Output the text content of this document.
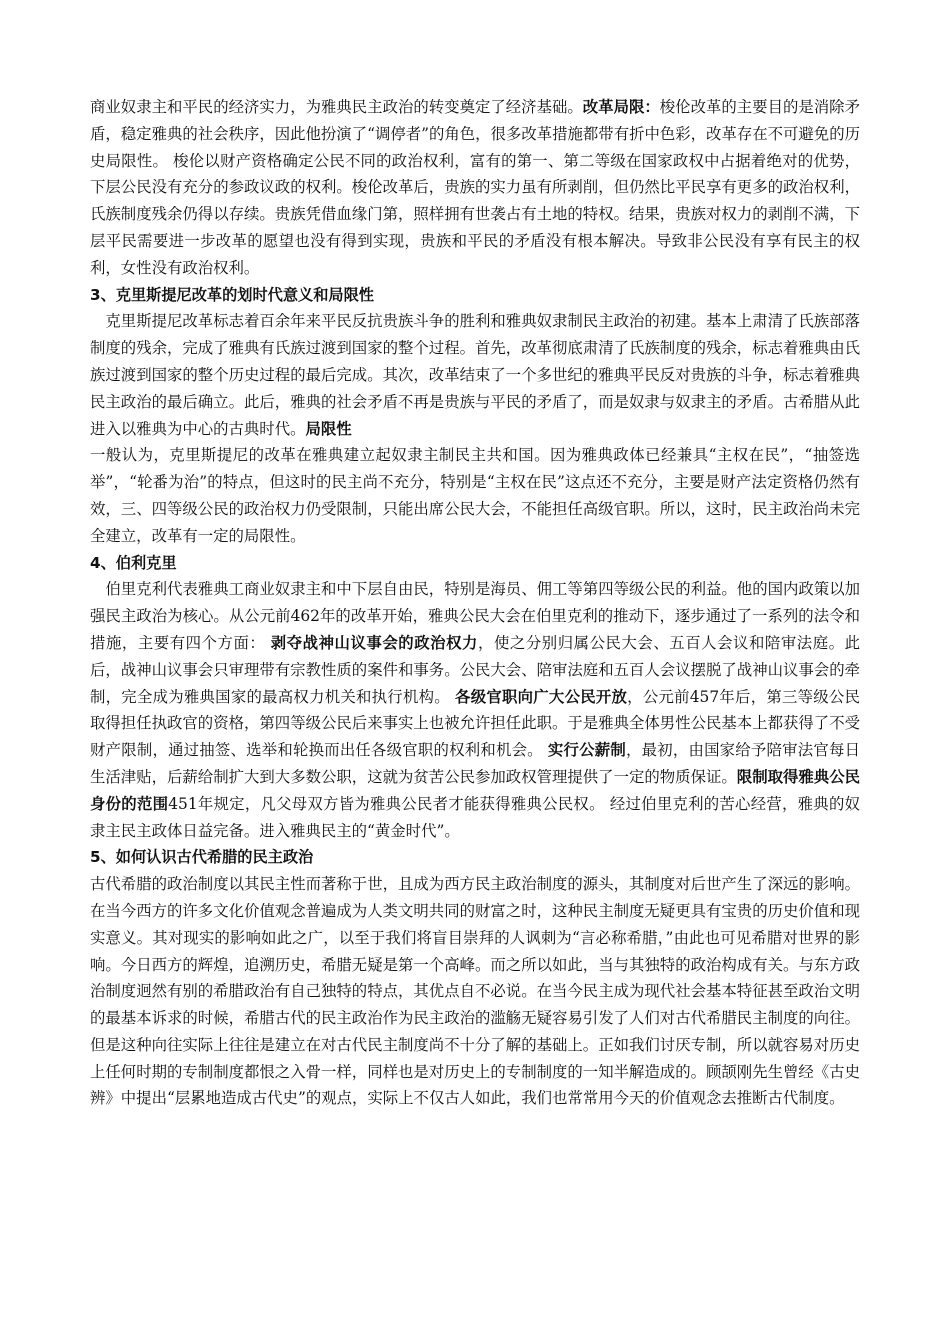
商业奴隶主和平民的经济实力，为雅典民主政治的转变奠定了经济基础。改革局限：梭伦改革的主要目的是消除矛盾，稳定雅典的社会秩序，因此他扮演了“调停者”的角色，很多改革措施都带有折中色彩，改革存在不可避免的历史局限性。 梭伦以财产资格确定公民不同的政治权利，富有的第一、第二等级在国家政权中占据着绝对的优势，下层公民没有充分的参政议政的权利。梭伦改革后，贵族的实力虽有所剥削，但仍然比平民享有更多的政治权利，氏族制度残余仍得以存续。贵族凭借血缘门第，照样拥有世袭占有土地的特权。结果，贵族对权力的剥削不满，下层平民需要进一步改革的愿望也没有得到实现，贵族和平民的矛盾没有根本解决。导致非公民没有享有民主的权利，女性没有政治权利。

3、克里斯提尼改革的划时代意义和局限性

克里斯提尼改革标志着百余年来平民反抗贵族斗争的胜利和雅典奴隶制民主政治的初建。基本上肃清了氏族部落制度的残余，完成了雅典有氏族过渡到国家的整个过程。首先，改革彻底肃清了氏族制度的残余，标志着雅典由氏族过渡到国家的整个历史过程的最后完成。其次，改革结束了一个多世纪的雅典平民反对贵族的斗争，标志着雅典民主政治的最后确立。此后，雅典的社会矛盾不再是贵族与平民的矛盾了，而是奴隶与奴隶主的矛盾。古希腊从此进入以雅典为中心的古典时代。局限性

一般认为，克里斯提尼的改革在雅典建立起奴隶主制民主共和国。因为雅典政体已经兼具“主权在民”，“抽签选举”，“轮番为治”的特点，但这时的民主尚不充分，特别是“主权在民”这点还不充分，主要是财产法定资格仍然有效，三、四等级公民的政治权力仍受限制，只能出席公民大会，不能担任高级官职。所以，这时，民主政治尚未完全建立，改革有一定的局限性。

4、伯利克里

伯里克利代表雅典工商业奴隶主和中下层自由民，特别是海员、佣工等第四等级公民的利益。他的国内政策以加强民主政治为核心。从公元前462年的改革开始，雅典公民大会在伯里克利的推动下，逐步通过了一系列的法令和措施，主要有四个方面： 剥夺战神山议事会的政治权力，使之分别归属公民大会、五百人会议和陪审法庭。此后，战神山议事会只审理带有宗教性质的案件和事务。公民大会、陪审法庭和五百人会议摆脱了战神山议事会的牵制，完全成为雅典国家的最高权力机关和执行机构。 各级官职向广大公民开放，公元前457年后，第三等级公民取得担任执政官的资格，第四等级公民后来事实上也被允许担任此职。于是雅典全体男性公民基本上都获得了不受财产限制，通过抽签、选举和轮换而出任各级官职的权利和机会。 实行公薪制，最初，由国家给予陪审法官每日生活津贴，后薪给制扩大到大多数公职，这就为贫苦公民参加政权管理提供了一定的物质保证。限制取得雅典公民身份的范围451年规定，凡父母双方皆为雅典公民者才能获得雅典公民权。 经过伯里克利的苦心经营，雅典的奴隶主民主政体日益完备。进入雅典民主的“黄金时代”。

5、如何认识古代希腊的民主政治

古代希腊的政治制度以其民主性而著称于世，且成为西方民主政治制度的源头，其制度对后世产生了深远的影响。在当今西方的许多文化价值观念普遍成为人类文明共同的财富之时，这种民主制度无疑更具有宝贵的历史价值和现实意义。其对现实的影响如此之广，以至于我们将盲目崇拜的人讽刺为“言必称希腊，”由此也可见希腊对世界的影响。今日西方的辉煌，追溯历史，希腊无疑是第一个高峰。而之所以如此，当与其独特的政治构成有关。与东方政治制度迥然有别的希腊政治有自己独特的特点，其优点自不必说。在当今民主成为现代社会基本特征甚至政治文明的最基本诉求的时候，希腊古代的民主政治作为民主政治的滥觞无疑容易引发了人们对古代希腊民主制度的向往。但是这种向往实际上往往是建立在对古代民主制度尚不十分了解的基础上。正如我们讨厌专制，所以就容易对历史上任何时期的专制制度都恨之入骨一样，同样也是对历史上的专制制度的一知半解造成的。顾颉刚先生曾经《古史辨》中提出“层累地造成古代史”的观点，实际上不仅古人如此，我们也常常用今天的价值观念去推断古代制度。
